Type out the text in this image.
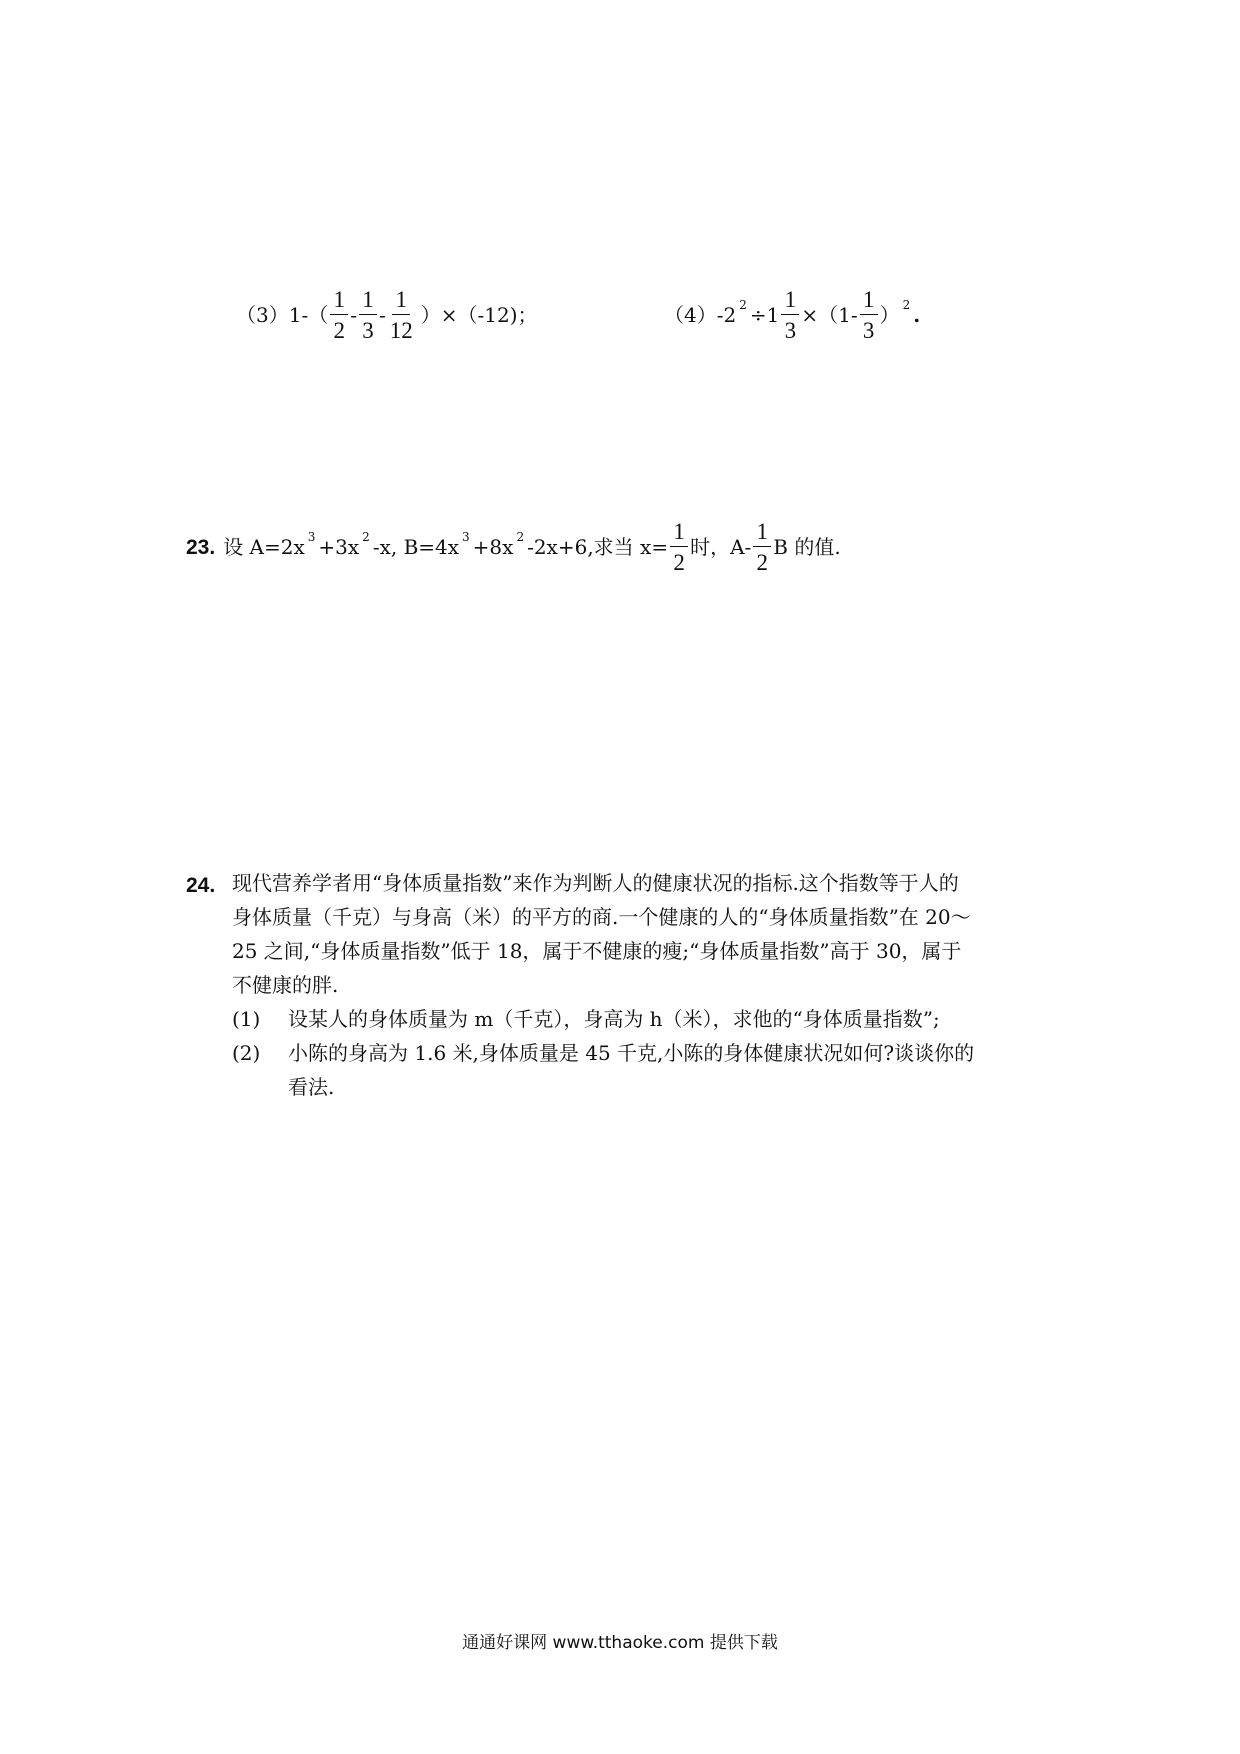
（3） $1-( \frac{1}{2} - \frac{1}{3} - \frac{1}{12} )\times(-12)$；	（4） -2 $^2 \div 1 \frac{1}{3} \times(1- \frac{1}{3}$ ） $^2$ .
23. 设 A=2x $^3$ +3x $^2$ -x, B=4x $^3$ +8x $^2$ -2x+6,求当 $x= \frac{1}{2}$ 时，$A- \frac{1}{2}$ B 的值.
24. 现代营养学者用“身体质量指数”来作为判断人的健康状况的指标.这个指数等于人的
身体质量（千克）与身高（米）的平方的商.一个健康的人的“身体质量指数”在 20～
25 之间,“身体质量指数”低于 18，属于不健康的瘦;“身体质量指数”高于 30，属于
不健康的胖.
(1) 设某人的身体质量为 m（千克），身高为 h（米），求他的“身体质量指数”;
(2) 小陈的身高为 1.6 米,身体质量是 45 千克,小陈的身体健康状况如何?谈谈你的
看法.
通通好课网 www.tthaoke.com 提供下载
